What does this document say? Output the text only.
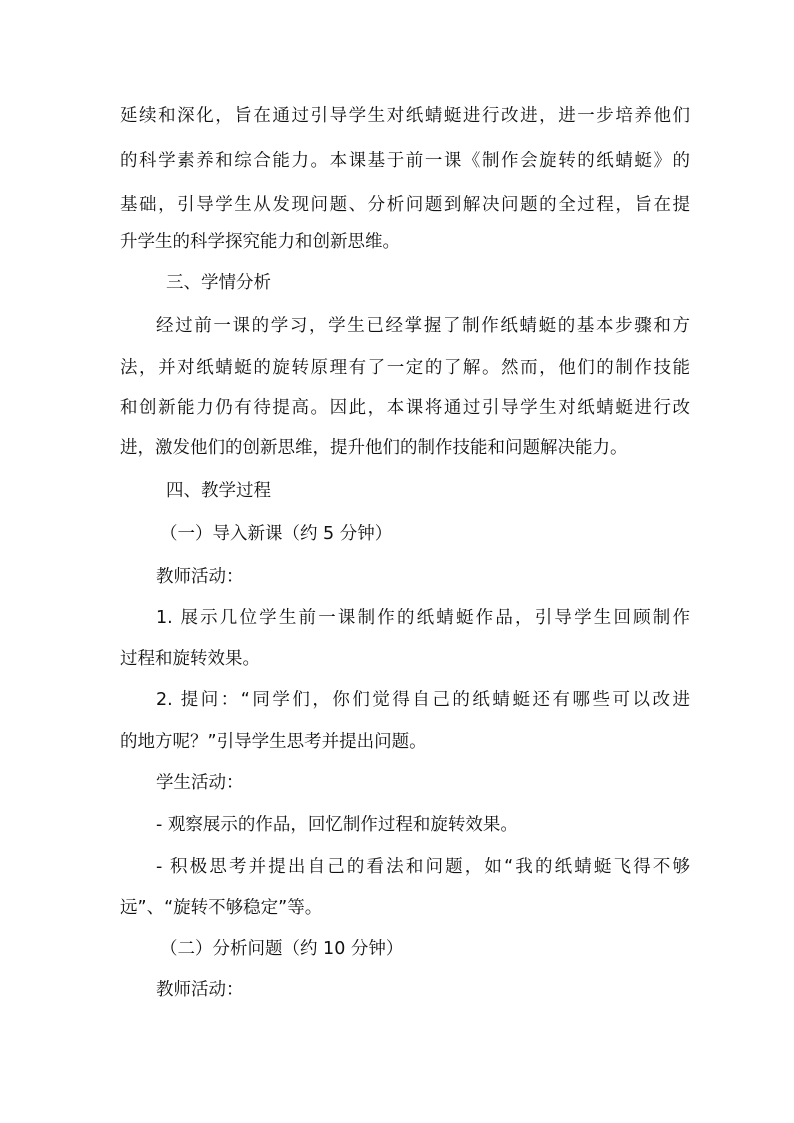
延续和深化，旨在通过引导学生对纸蜻蜓进行改进，进一步培养他们
的科学素养和综合能力。本课基于前一课《制作会旋转的纸蜻蜓》的
基础，引导学生从发现问题、分析问题到解决问题的全过程，旨在提
升学生的科学探究能力和创新思维。
三、学情分析
经过前一课的学习，学生已经掌握了制作纸蜻蜓的基本步骤和方
法，并对纸蜻蜓的旋转原理有了一定的了解。然而，他们的制作技能
和创新能力仍有待提高。因此，本课将通过引导学生对纸蜻蜓进行改
进，激发他们的创新思维，提升他们的制作技能和问题解决能力。
四、教学过程
（一）导入新课（约 5 分钟）
教师活动：
1. 展示几位学生前一课制作的纸蜻蜓作品，引导学生回顾制作
过程和旋转效果。
2. 提问：“同学们，你们觉得自己的纸蜻蜓还有哪些可以改进
的地方呢？”引导学生思考并提出问题。
学生活动：
- 观察展示的作品，回忆制作过程和旋转效果。
- 积极思考并提出自己的看法和问题，如“我的纸蜻蜓飞得不够
远”、“旋转不够稳定”等。
（二）分析问题（约 10 分钟）
教师活动：
